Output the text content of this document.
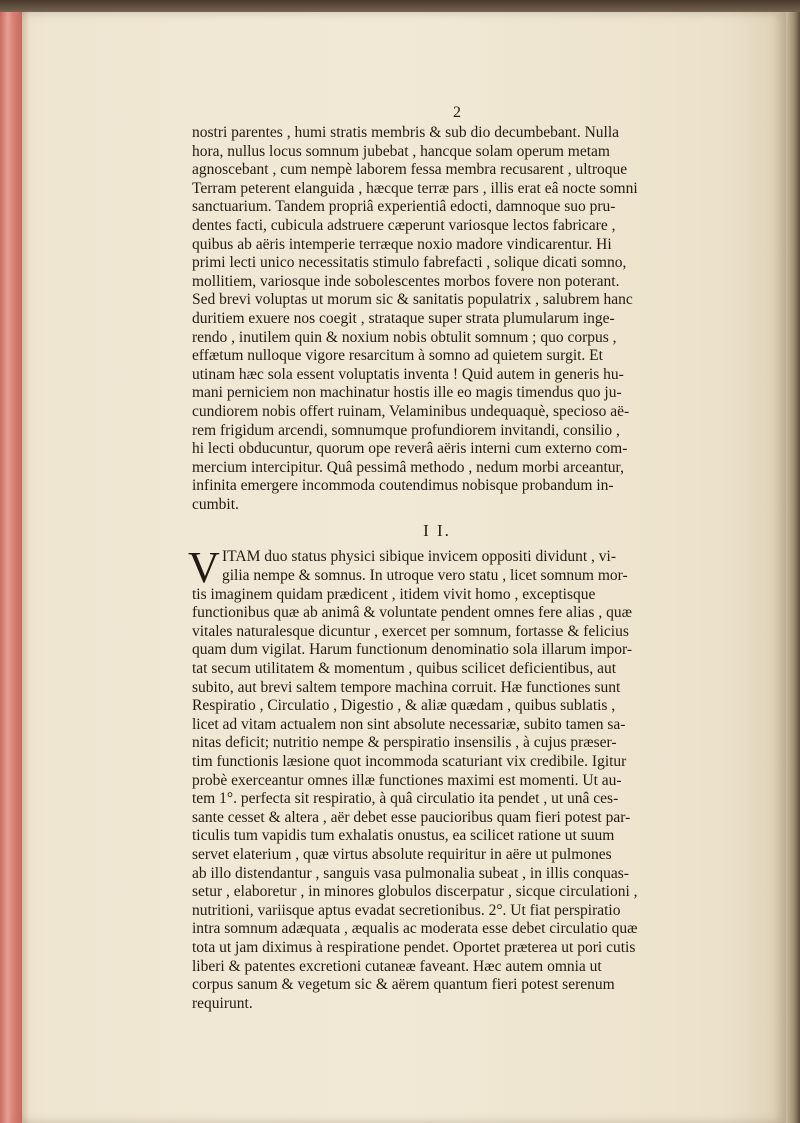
2
nostri parentes , humi stratis membris & sub dio decumbebant. Nulla
hora, nullus locus somnum jubebat , hancque solam operum metam
agnoscebant , cum nempè laborem fessa membra recusarent , ultroque
Terram peterent elanguida , hæcque terræ pars , illis erat eâ nocte somni
sanctuarium. Tandem propriâ experientiâ edocti, damnoque suo pru-
dentes facti, cubicula adstruere cæperunt variosque lectos fabricare ,
quibus ab aëris intemperie terræque noxio madore vindicarentur. Hi
primi lecti unico necessitatis stimulo fabrefacti , solique dicati somno,
mollitiem, variosque inde sobolescentes morbos fovere non poterant.
Sed brevi voluptas ut morum sic & sanitatis populatrix , salubrem hanc
duritiem exuere nos coegit , strataque super strata plumularum inge-
rendo , inutilem quin & noxium nobis obtulit somnum ; quo corpus ,
effætum nulloque vigore resarcitum à somno ad quietem surgit. Et
utinam hæc sola essent voluptatis inventa ! Quid autem in generis hu-
mani perniciem non machinatur hostis ille eo magis timendus quo ju-
cundiorem nobis offert ruinam, Velaminibus undequaquè, specioso aë-
rem frigidum arcendi, somnumque profundiorem invitandi, consilio ,
hi lecti obducuntur, quorum ope reverâ aëris interni cum externo com-
mercium intercipitur. Quâ pessimâ methodo , nedum morbi arceantur,
infinita emergere incommoda coutendimus nobisque probandum in-
cumbit.
I I.
V ITAM duo status physici sibique invicem oppositi dividunt , vi-
gilia nempe & somnus. In utroque vero statu , licet somnum mor-
tis imaginem quidam prædicent , itidem vivit homo , exceptisque
functionibus quæ ab animâ & voluntate pendent omnes fere alias , quæ
vitales naturalesque dicuntur , exercet per somnum, fortasse & felicius
quam dum vigilat. Harum functionum denominatio sola illarum impor-
tat secum utilitatem & momentum , quibus scilicet deficientibus, aut
subito, aut brevi saltem tempore machina corruit. Hæ functiones sunt
Respiratio , Circulatio , Digestio , & aliæ quædam , quibus sublatis ,
licet ad vitam actualem non sint absolute necessariæ, subito tamen sa-
nitas deficit; nutritio nempe & perspiratio insensilis , à cujus præser-
tim functionis læsione quot incommoda scaturiant vix credibile. Igitur
probè exerceantur omnes illæ functiones maximi est momenti. Ut au-
tem 1°. perfecta sit respiratio, à quâ circulatio ita pendet , ut unâ ces-
sante cesset & altera , aër debet esse paucioribus quam fieri potest par-
ticulis tum vapidis tum exhalatis onustus, ea scilicet ratione ut suum
servet elaterium , quæ virtus absolute requiritur in aëre ut pulmones
ab illo distendantur , sanguis vasa pulmonalia subeat , in illis conquas-
setur , elaboretur , in minores globulos discerpatur , sicque circulationi ,
nutritioni, variisque aptus evadat secretionibus. 2°. Ut fiat perspiratio
intra somnum adæquata , æqualis ac moderata esse debet circulatio quæ
tota ut jam diximus à respiratione pendet. Oportet præterea ut pori cutis
liberi & patentes excretioni cutaneæ faveant. Hæc autem omnia ut
corpus sanum & vegetum sic & aërem quantum fieri potest serenum
requirunt.
